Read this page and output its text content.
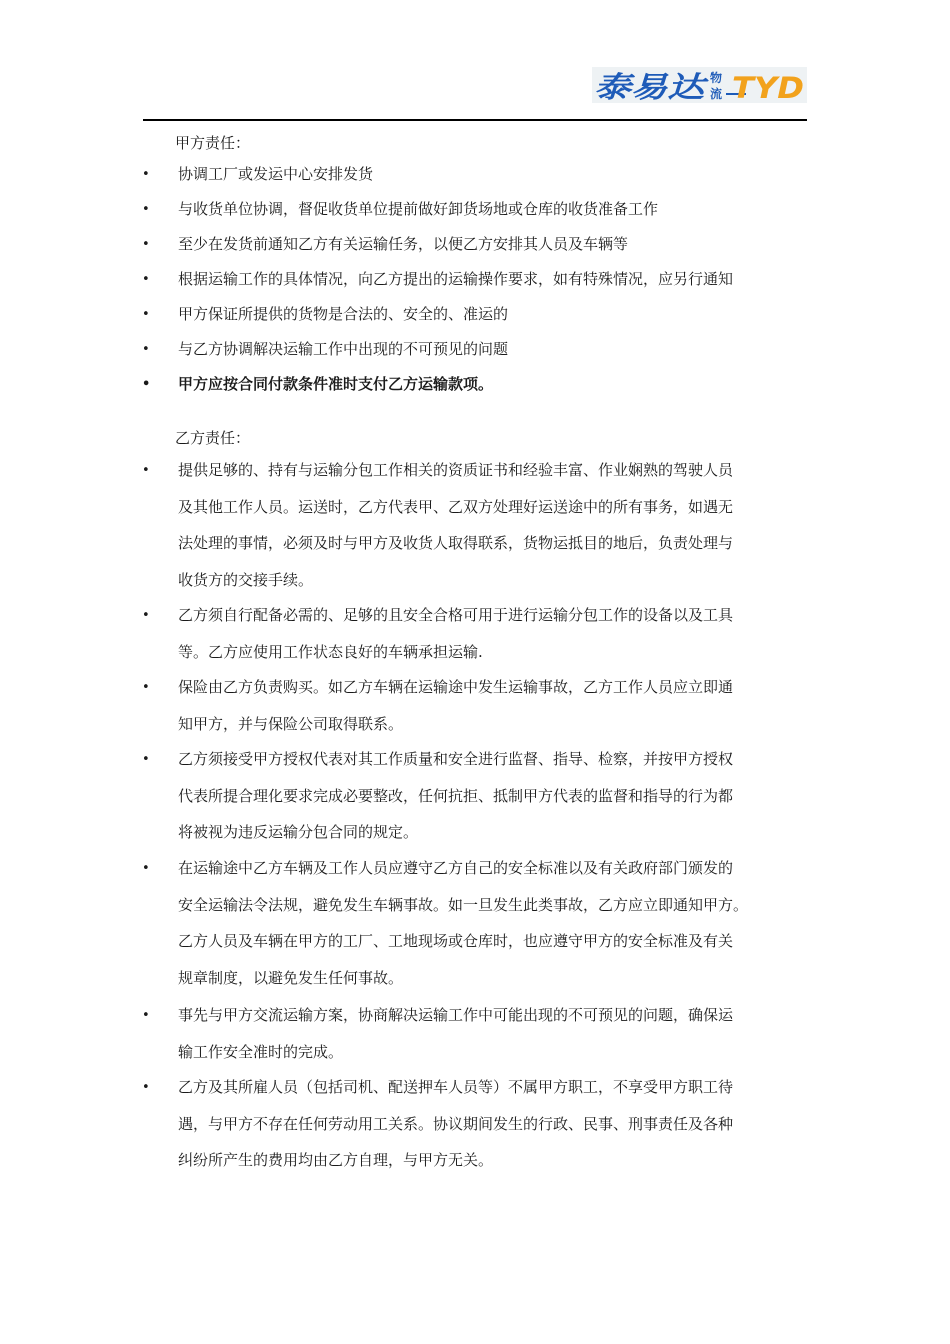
泰易达 物
流 TYD
甲方责任：
• 协调工厂或发运中心安排发货
• 与收货单位协调，督促收货单位提前做好卸货场地或仓库的收货准备工作
• 至少在发货前通知乙方有关运输任务，以便乙方安排其人员及车辆等
• 根据运输工作的具体情况，向乙方提出的运输操作要求，如有特殊情况，应另行通知
• 甲方保证所提供的货物是合法的、安全的、准运的
• 与乙方协调解决运输工作中出现的不可预见的问题
• 甲方应按合同付款条件准时支付乙方运输款项。
乙方责任：
• 提供足够的、持有与运输分包工作相关的资质证书和经验丰富、作业娴熟的驾驶人员
及其他工作人员。运送时，乙方代表甲、乙双方处理好运送途中的所有事务，如遇无
法处理的事情，必须及时与甲方及收货人取得联系，货物运抵目的地后，负责处理与
收货方的交接手续。
• 乙方须自行配备必需的、足够的且安全合格可用于进行运输分包工作的设备以及工具
等。乙方应使用工作状态良好的车辆承担运输.
• 保险由乙方负责购买。如乙方车辆在运输途中发生运输事故，乙方工作人员应立即通
知甲方，并与保险公司取得联系。
• 乙方须接受甲方授权代表对其工作质量和安全进行监督、指导、检察，并按甲方授权
代表所提合理化要求完成必要整改，任何抗拒、抵制甲方代表的监督和指导的行为都
将被视为违反运输分包合同的规定。
• 在运输途中乙方车辆及工作人员应遵守乙方自己的安全标准以及有关政府部门颁发的
安全运输法令法规，避免发生车辆事故。如一旦发生此类事故，乙方应立即通知甲方。
乙方人员及车辆在甲方的工厂、工地现场或仓库时，也应遵守甲方的安全标准及有关
规章制度，以避免发生任何事故。
• 事先与甲方交流运输方案，协商解决运输工作中可能出现的不可预见的问题，确保运
输工作安全准时的完成。
• 乙方及其所雇人员（包括司机、配送押车人员等）不属甲方职工，不享受甲方职工待
遇，与甲方不存在任何劳动用工关系。协议期间发生的行政、民事、刑事责任及各种
纠纷所产生的费用均由乙方自理，与甲方无关。
